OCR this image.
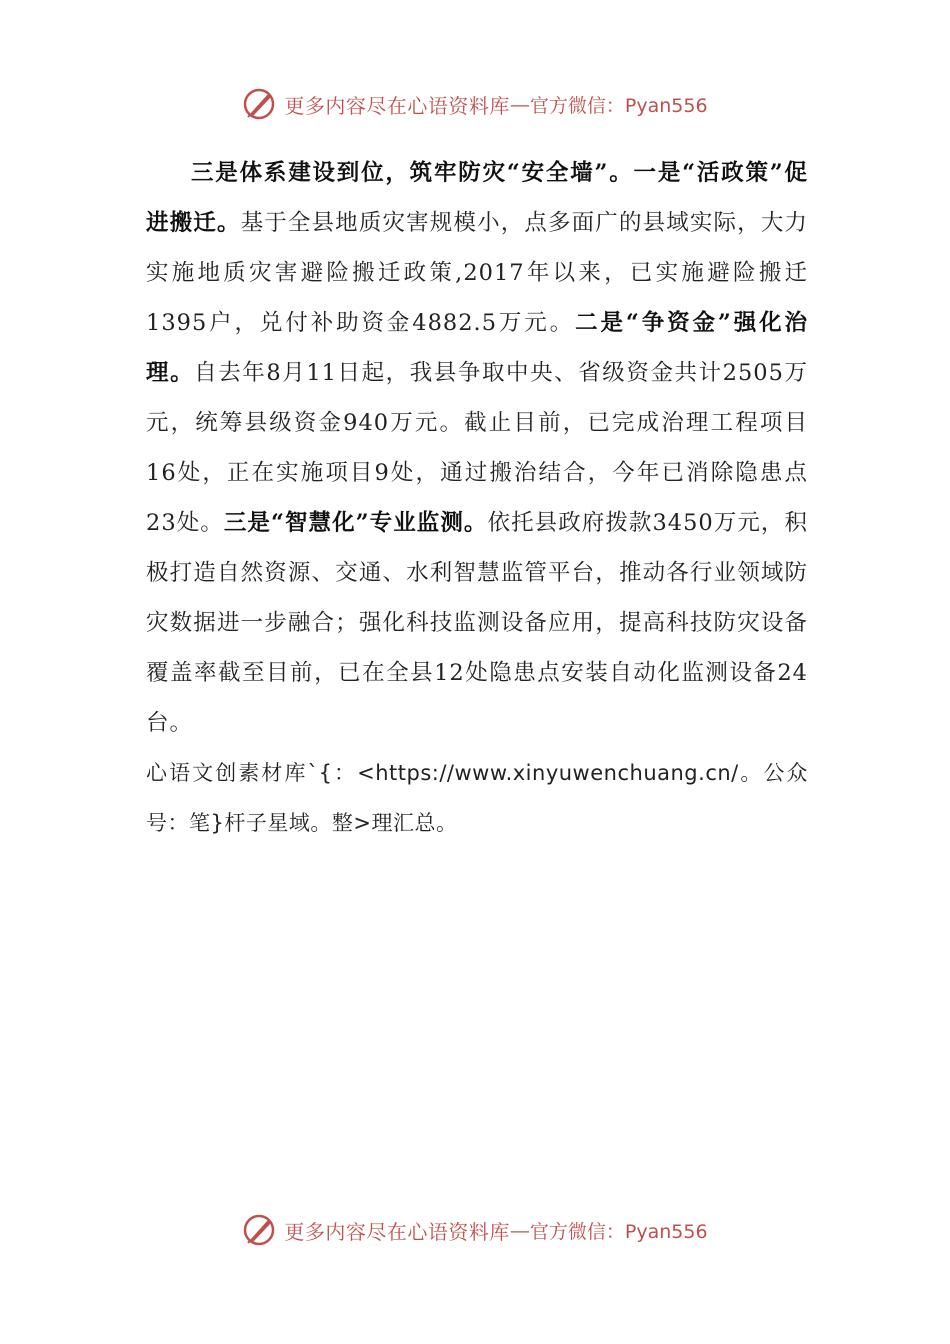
更多内容尽在心语资料库 — 官方微信：Pyan556

三是体系建设到位，筑牢防灾“安全墙”。一是“活政策”促进搬迁。基于全县地质灾害规模小，点多面广的县域实际，大力实施地质灾害避险搬迁政策,2017年以来，已实施避险搬迁1395户，兑付补助资金4882.5万元。二是“争资金”强化治理。自去年8月11日起，我县争取中央、省级资金共计2505万元，统筹县级资金940万元。截止目前，已完成治理工程项目16处，正在实施项目9处，通过搬治结合，今年已消除隐患点23处。三是“智慧化”专业监测。依托县政府拨款3450万元，积极打造自然资源、交通、水利智慧监管平台，推动各行业领域防灾数据进一步融合；强化科技监测设备应用，提高科技防灾设备覆盖率截至目前，已在全县12处隐患点安装自动化监测设备24台。

心语文创素材库`{：<https://www.xinyuwenchuang.cn/。公众号：笔}杆子星域。整>理汇总。

更多内容尽在心语资料库 — 官方微信：Pyan556
